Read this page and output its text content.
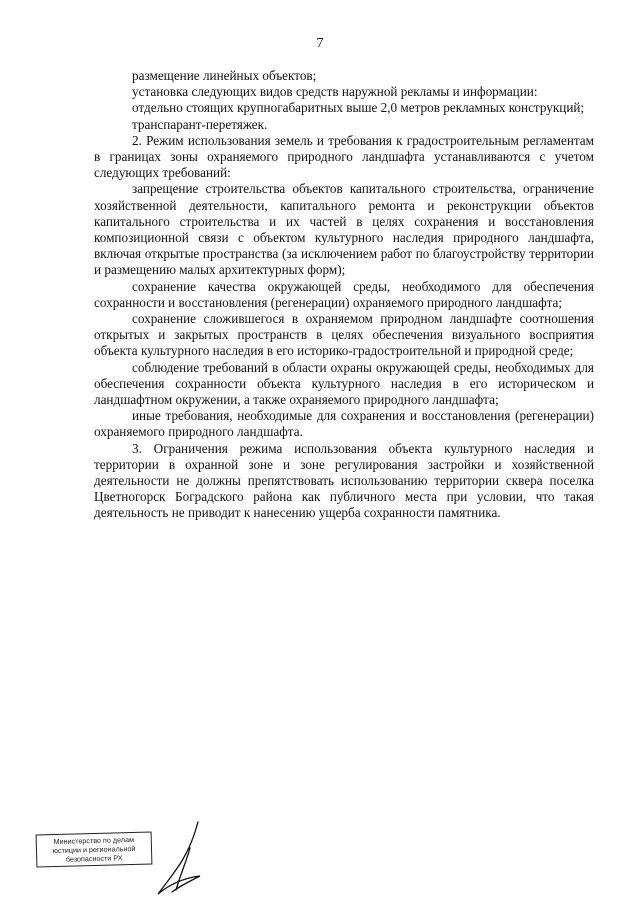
7

размещение линейных объектов;

установка следующих видов средств наружной рекламы и информации:

отдельно стоящих крупногабаритных выше 2,0 метров рекламных конструкций;

транспарант-перетяжек.

2. Режим использования земель и требования к градостроительным регламентам в границах зоны охраняемого природного ландшафта устанавливаются с учетом следующих требований:

запрещение строительства объектов капитального строительства, ограничение хозяйственной деятельности, капитального ремонта и реконструкции объектов капитального строительства и их частей в целях сохранения и восстановления композиционной связи с объектом культурного наследия природного ландшафта, включая открытые пространства (за исключением работ по благоустройству территории и размещению малых архитектурных форм);

сохранение качества окружающей среды, необходимого для обеспечения сохранности и восстановления (регенерации) охраняемого природного ландшафта;

сохранение сложившегося в охраняемом природном ландшафте соотношения открытых и закрытых пространств в целях обеспечения визуального восприятия объекта культурного наследия в его историко-градостроительной и природной среде;

соблюдение требований в области охраны окружающей среды, необходимых для обеспечения сохранности объекта культурного наследия в его историческом и ландшафтном окружении, а также охраняемого природного ландшафта;

иные требования, необходимые для сохранения и восстановления (регенерации) охраняемого природного ландшафта.

3. Ограничения режима использования объекта культурного наследия и территории в охранной зоне и зоне регулирования застройки и хозяйственной деятельности не должны препятствовать использованию территории сквера поселка Цветногорск Боградского района как публичного места при условии, что такая деятельность не приводит к нанесению ущерба сохранности памятника.

Министерство по делам
юстиции и региональной
безопасности РХ
